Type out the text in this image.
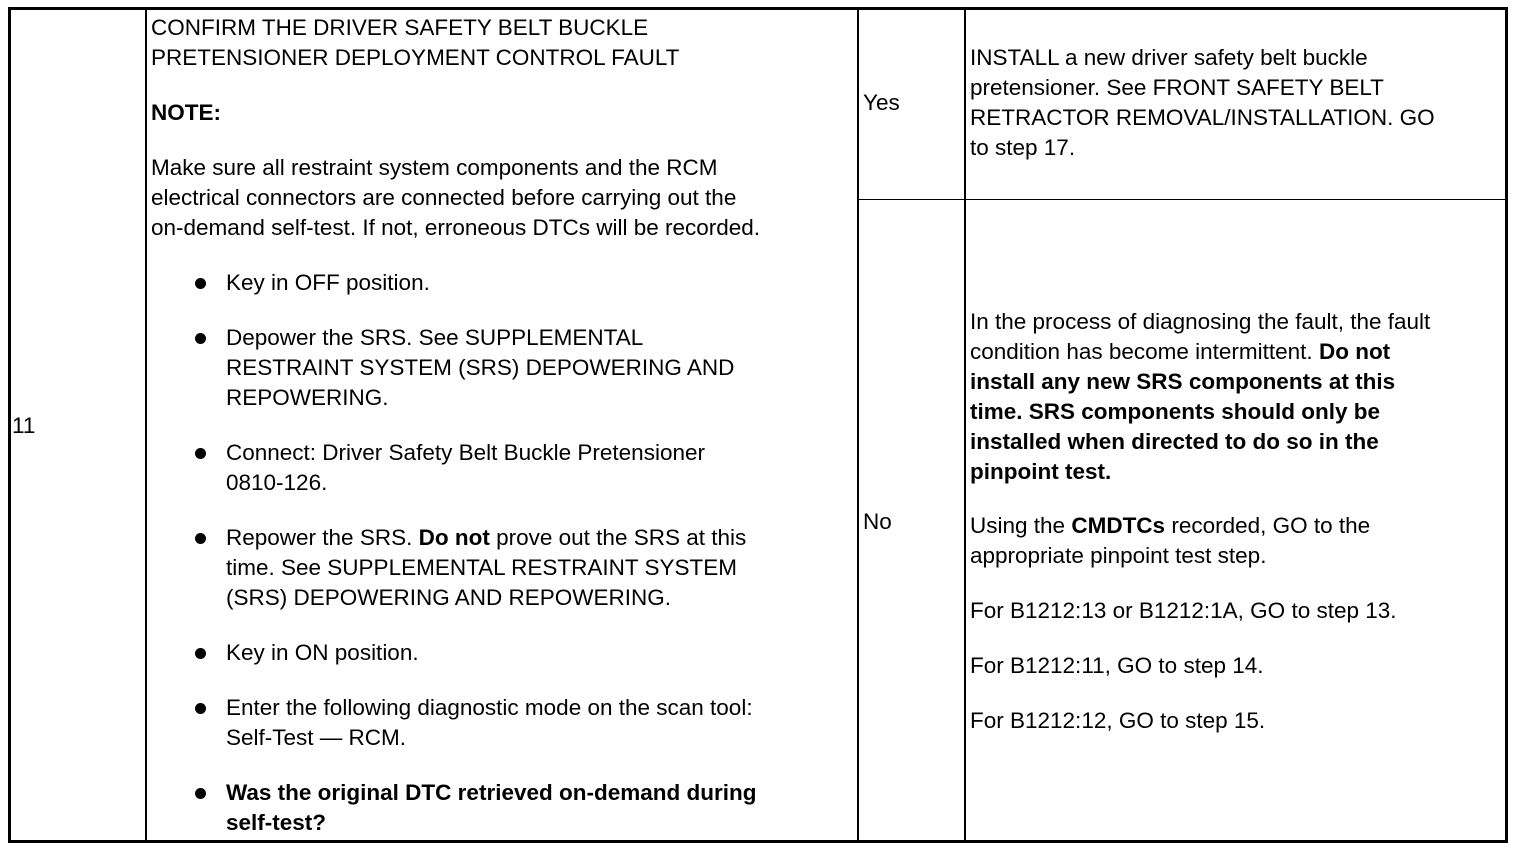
11
CONFIRM THE DRIVER SAFETY BELT BUCKLE
PRETENSIONER DEPLOYMENT CONTROL FAULT
NOTE:
Make sure all restraint system components and the RCM
electrical connectors are connected before carrying out the
on-demand self-test. If not, erroneous DTCs will be recorded.
Key in OFF position.
Depower the SRS. See SUPPLEMENTAL
RESTRAINT SYSTEM (SRS) DEPOWERING AND
REPOWERING.
Connect: Driver Safety Belt Buckle Pretensioner
0810-126.
Repower the SRS. Do not prove out the SRS at this
time. See SUPPLEMENTAL RESTRAINT SYSTEM
(SRS) DEPOWERING AND REPOWERING.
Key in ON position.
Enter the following diagnostic mode on the scan tool:
Self-Test — RCM.
Was the original DTC retrieved on-demand during
self-test?
Yes
INSTALL a new driver safety belt buckle
pretensioner. See FRONT SAFETY BELT
RETRACTOR REMOVAL/INSTALLATION. GO
to step 17.
No
In the process of diagnosing the fault, the fault
condition has become intermittent. Do not
install any new SRS components at this
time. SRS components should only be
installed when directed to do so in the
pinpoint test.
Using the CMDTCs recorded, GO to the
appropriate pinpoint test step.
For B1212:13 or B1212:1A, GO to step 13.
For B1212:11, GO to step 14.
For B1212:12, GO to step 15.
